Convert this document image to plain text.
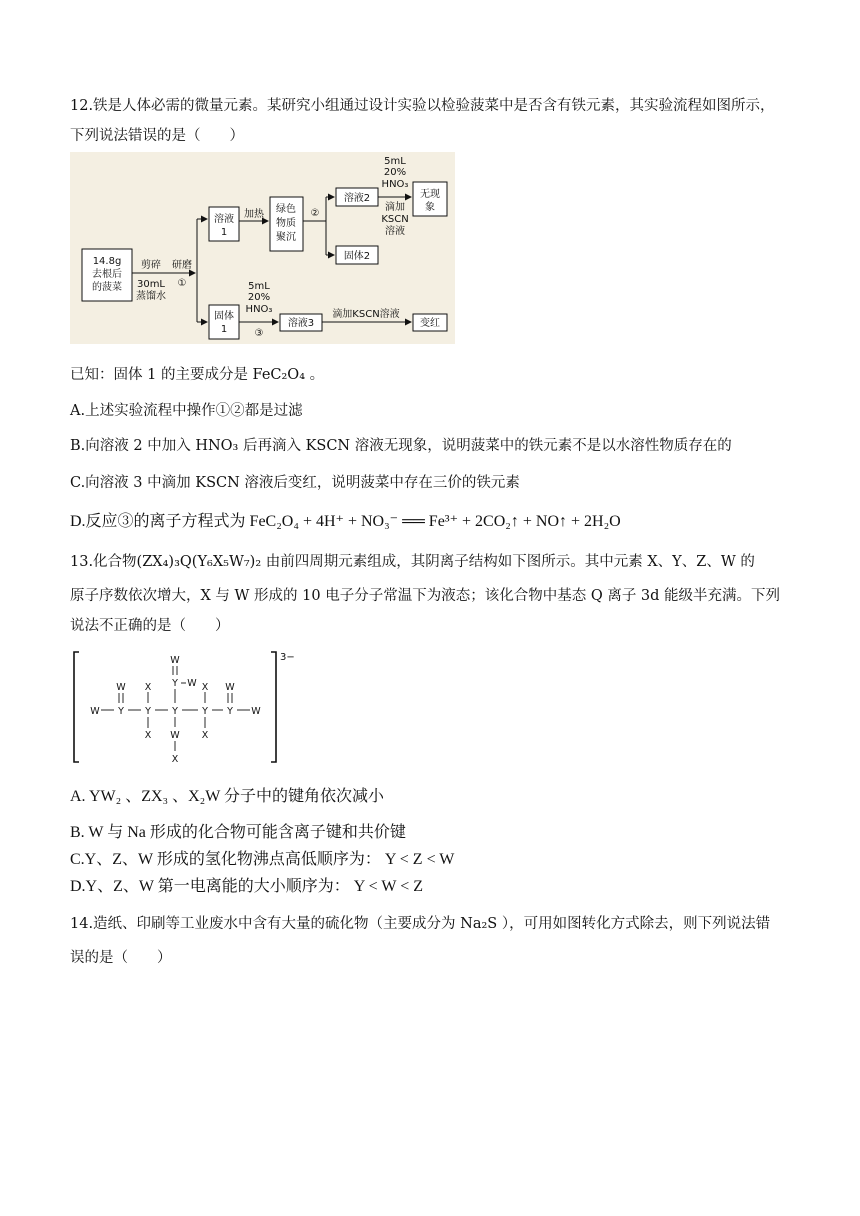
12.铁是人体必需的微量元素。某研究小组通过设计实验以检验菠菜中是否含有铁元素，其实验流程如图所示，
下列说法错误的是（　　）
14.8g
去根后
的菠菜
剪碎
30mL
蒸馏水
研磨
①
溶液
1
加热 绿色
物质
聚沉
②
溶液2
固体2
5mL
20%
HNO₃
滴加
KSCN
溶液
无现
象
固体
1
5mL
20%
HNO₃
③
溶液3
滴加KSCN溶液
变红
已知：固体 1 的主要成分是 FeC₂O₄ 。
A.上述实验流程中操作①②都是过滤
B.向溶液 2 中加入 HNO₃ 后再滴入 KSCN 溶液无现象，说明菠菜中的铁元素不是以水溶性物质存在的
C.向溶液 3 中滴加 KSCN 溶液后变红，说明菠菜中存在三价的铁元素
D.反应③的离子方程式为 FeC₂O₄ + 4H⁺ + NO₃⁻ ══ Fe³⁺ + 2CO₂↑ + NO↑ + 2H₂O
13.化合物(ZX₄)₃Q(Y₆X₅W₇)₂ 由前四周期元素组成，其阴离子结构如下图所示。其中元素 X、Y、Z、W 的
原子序数依次增大，X 与 W 形成的 10 电子分子常温下为液态；该化合物中基态 Q 离子 3d 能级半充满。下列
说法不正确的是（　　）
3−
W Y
W
Y
X
X
Y
W
Y W
W
X
Y
X
X
Y
W
W
A. YW₂ 、ZX₃ 、X₂W 分子中的键角依次减小
B. W 与 Na 形成的化合物可能含离子键和共价键
C.Y、Z、W 形成的氢化物沸点高低顺序为： Y < Z < W
D.Y、Z、W 第一电离能的大小顺序为： Y < W < Z
14.造纸、印刷等工业废水中含有大量的硫化物（主要成分为 Na₂S ），可用如图转化方式除去，则下列说法错
误的是（　　）
